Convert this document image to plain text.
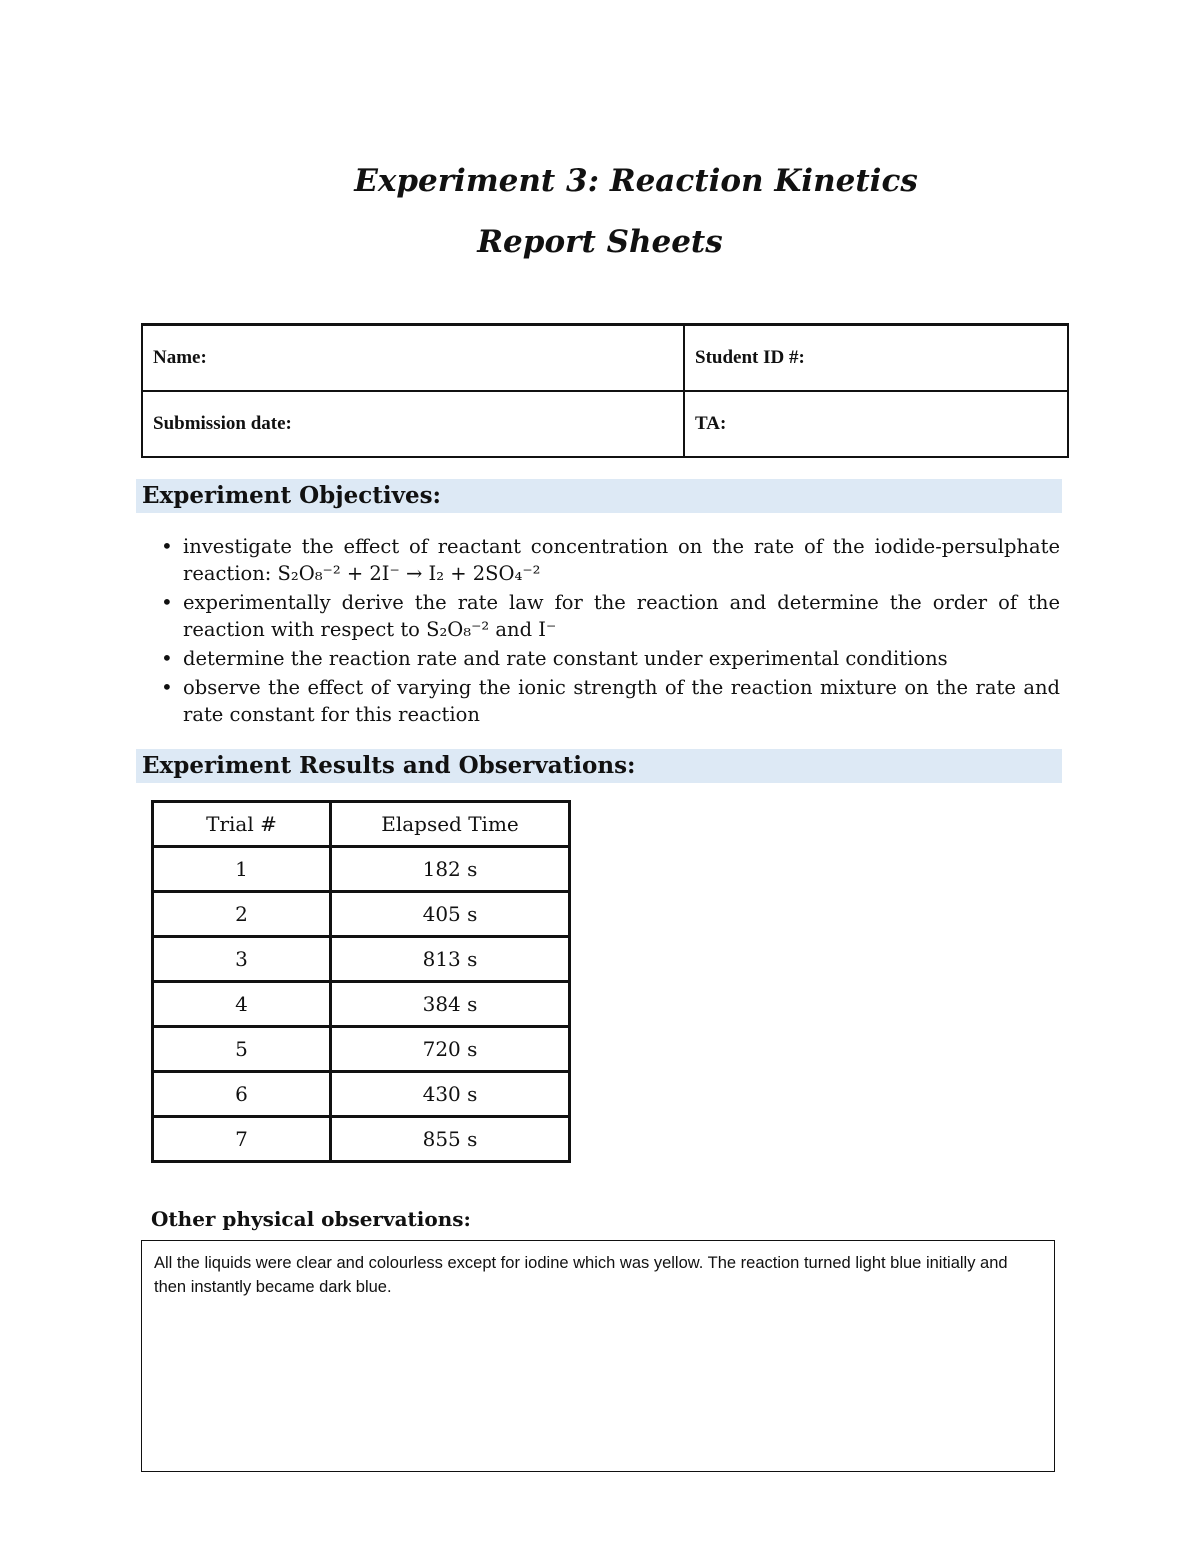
Experiment 3: Reaction Kinetics
Report Sheets
Name:	Student ID #:
Submission date:	TA:
Experiment Objectives:
• investigate the effect of reactant concentration on the rate of the iodide-persulphate reaction: S₂O₈⁻² + 2I⁻ → I₂ + 2SO₄⁻²
• experimentally derive the rate law for the reaction and determine the order of the reaction with respect to S₂O₈⁻² and I⁻
• determine the reaction rate and rate constant under experimental conditions
• observe the effect of varying the ionic strength of the reaction mixture on the rate and rate constant for this reaction
Experiment Results and Observations:
Trial #	Elapsed Time
1	182 s
2	405 s
3	813 s
4	384 s
5	720 s
6	430 s
7	855 s
Other physical observations:
All the liquids were clear and colourless except for iodine which was yellow. The reaction turned light blue initially and then instantly became dark blue.
